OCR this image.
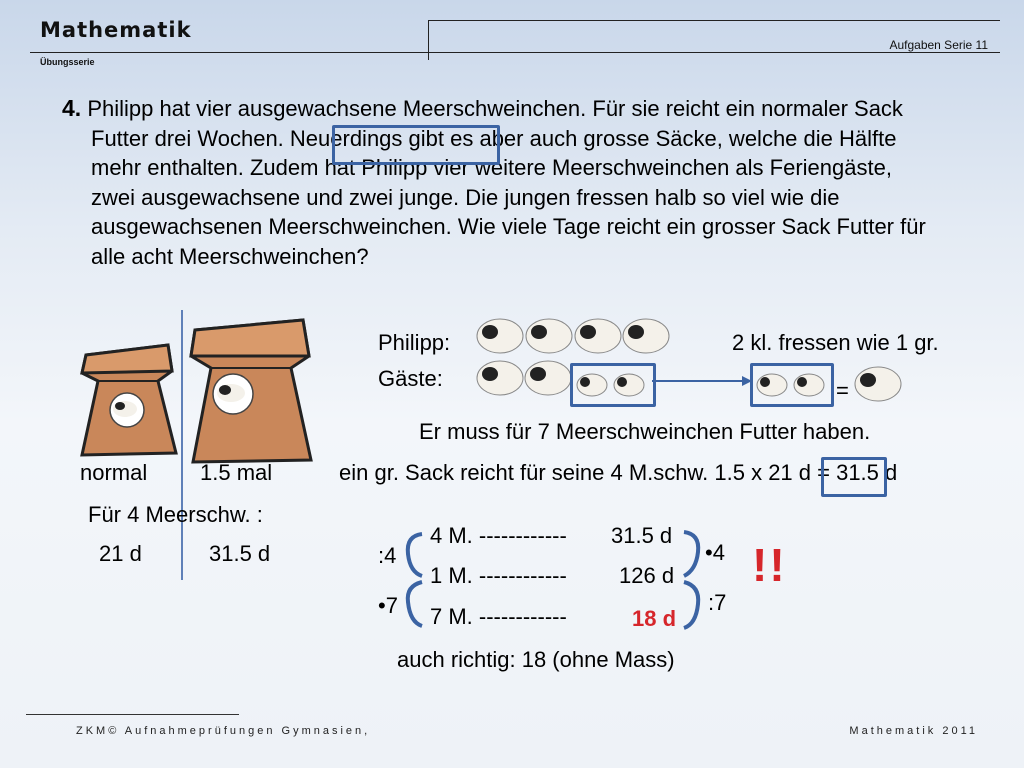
Mathematik
Übungsserie
Aufgaben Serie 11

4. Philipp hat vier ausgewachsene Meerschweinchen. Für sie reicht ein normaler Sack Futter drei Wochen. Neuerdings gibt es aber auch grosse Säcke, welche die Hälfte mehr enthalten. Zudem hat Philipp vier weitere Meerschweinchen als Feriengäste, zwei ausgewachsene und zwei junge. Die jungen fressen halb so viel wie die ausgewachsenen Meerschweinchen. Wie viele Tage reicht ein grosser Sack Futter für alle acht Meerschweinchen?

normal 1.5 mal
Für 4 Meerschw. :
21 d	31.5 d
Philipp:
Gäste:
2 kl. fressen wie 1 gr.
=
Er muss für 7 Meerschweinchen Futter haben.
ein gr. Sack reicht für seine 4 M.schw. 1.5 x 21 d = 31.5 d
4 M. ------------ 31.5 d
1 M. ------------ 126 d
7 M. ------------	18 d
:4
•7
•4
:7
!!
auch richtig: 18 (ohne Mass)
ZKM© Aufnahmeprüfungen Gymnasien,	Mathematik 2011
